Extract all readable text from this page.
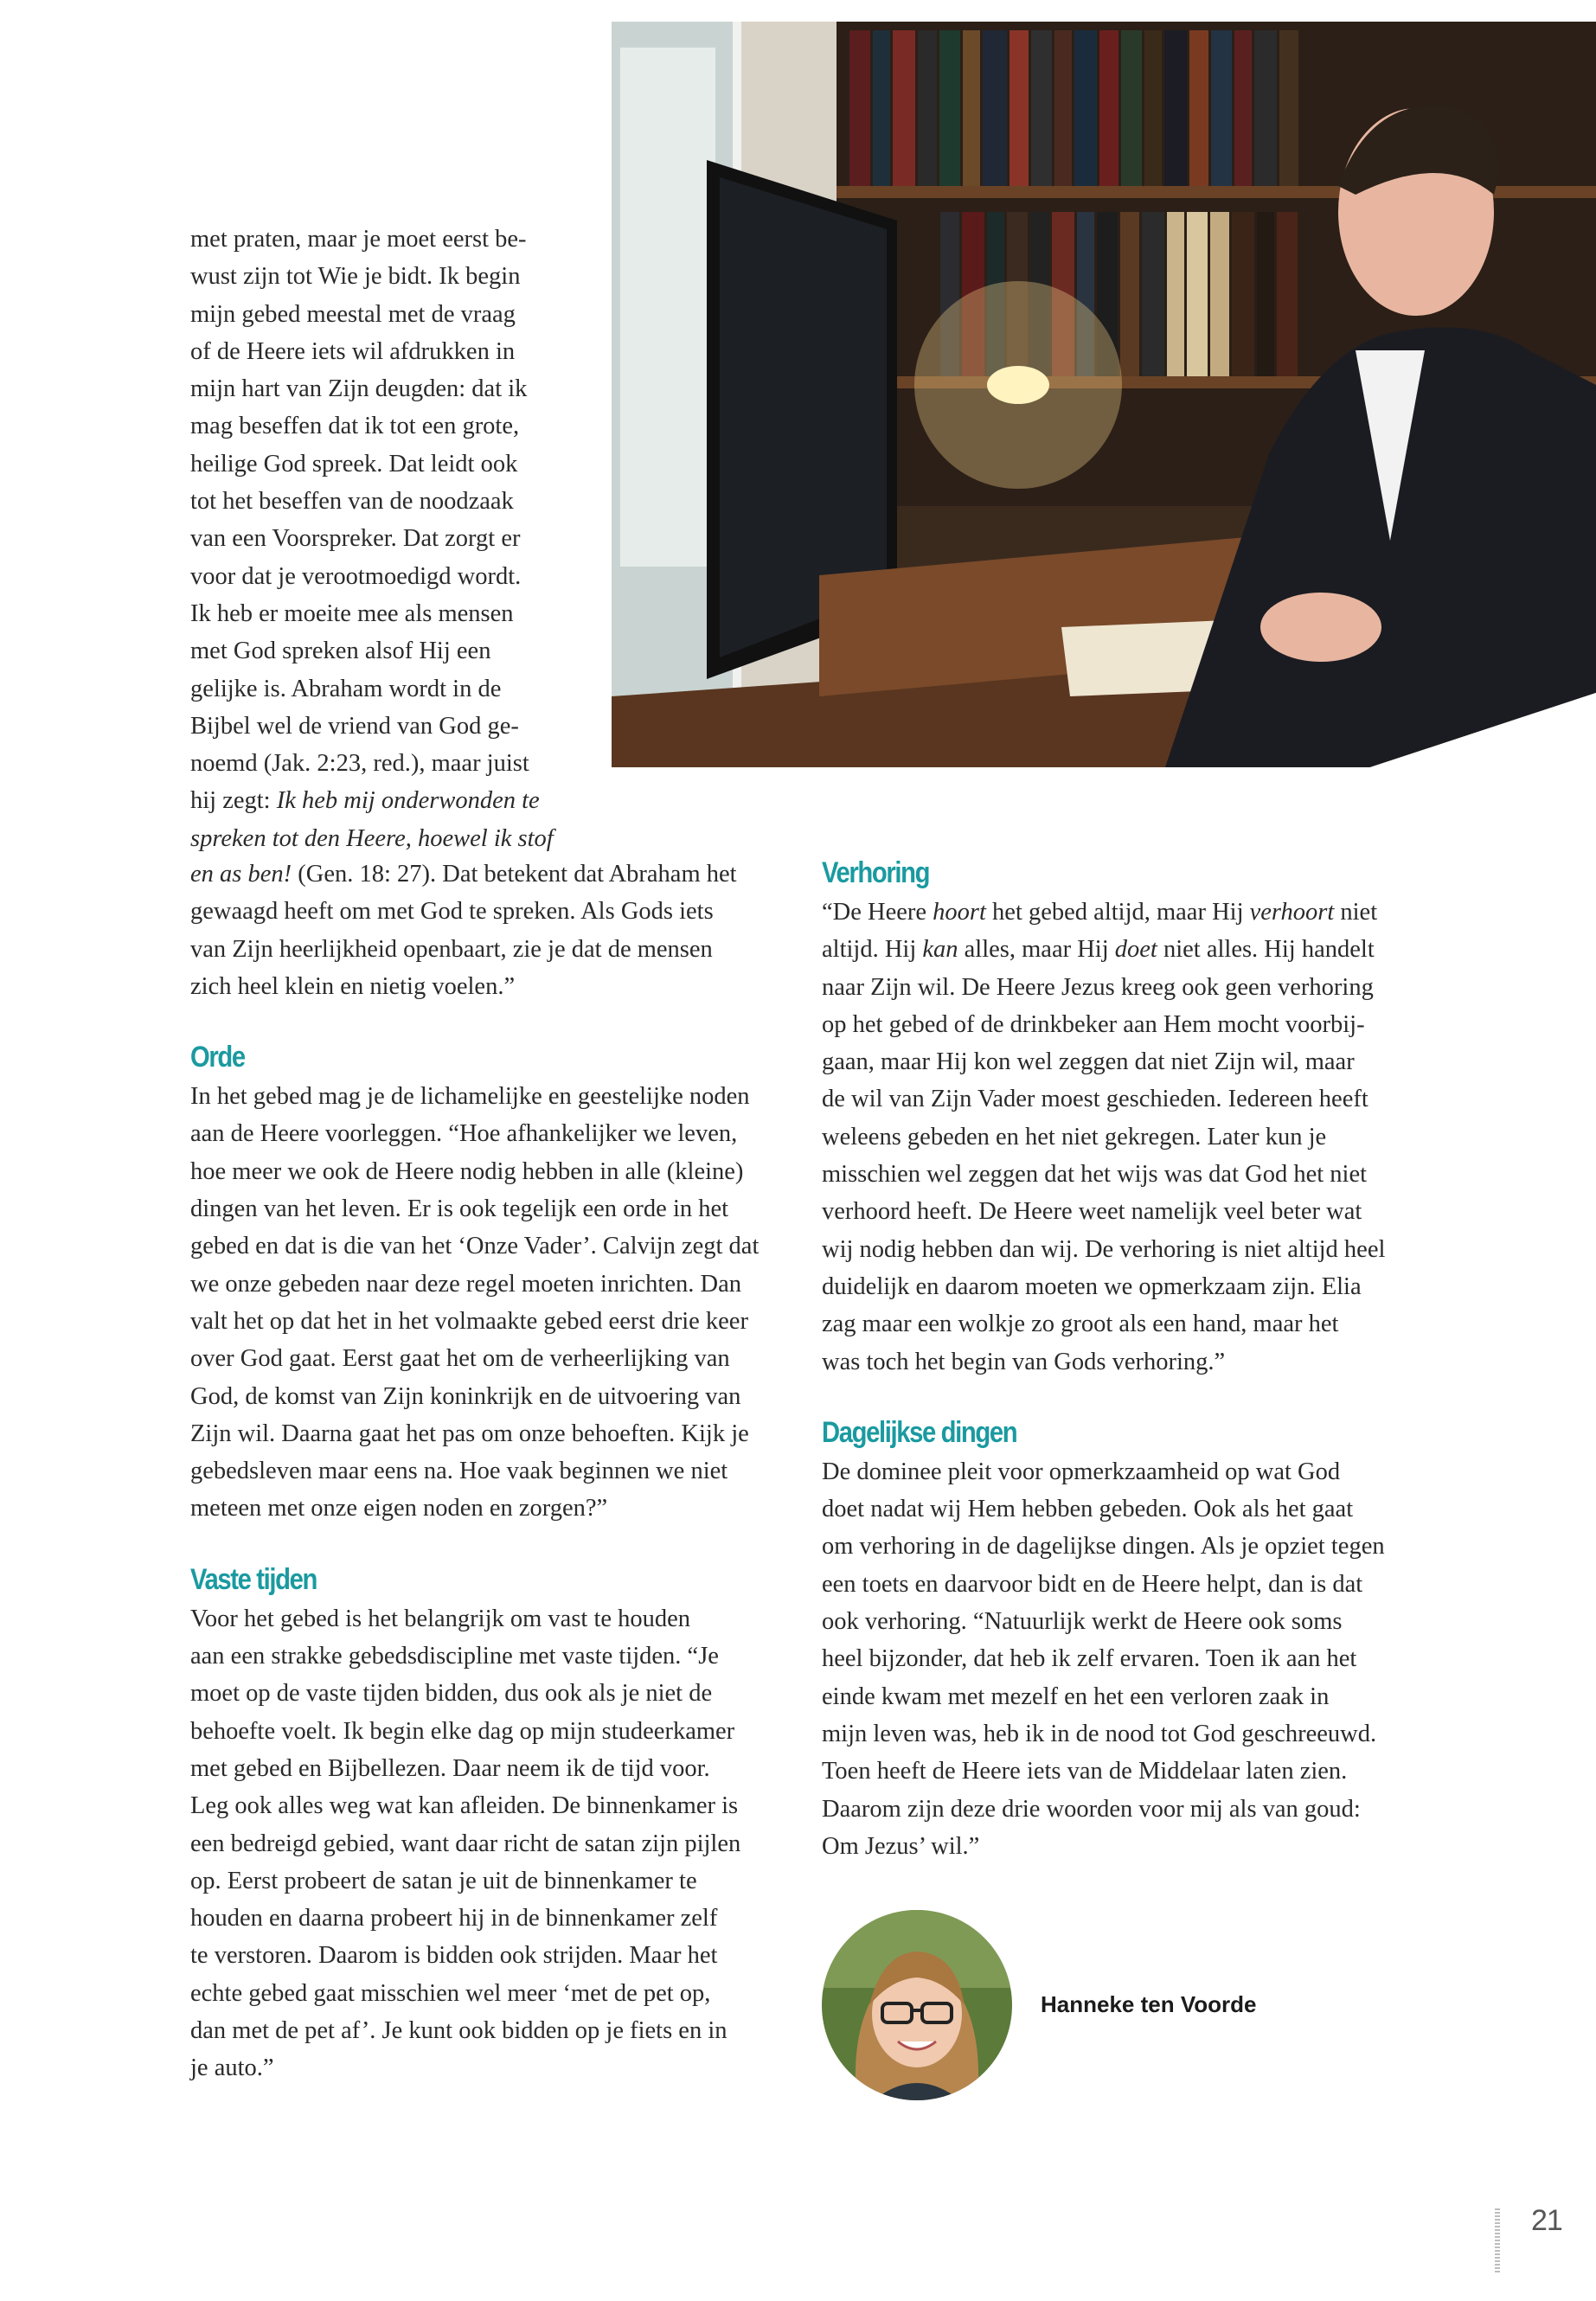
met praten, maar je moet eerst be-

wust zijn tot Wie je bidt. Ik begin

mijn gebed meestal met de vraag

of de Heere iets wil afdrukken in

mijn hart van Zijn deugden: dat ik

mag beseffen dat ik tot een grote,

heilige God spreek. Dat leidt ook

tot het beseffen van de noodzaak

van een Voorspreker. Dat zorgt er

voor dat je verootmoedigd wordt.

Ik heb er moeite mee als mensen

met God spreken alsof Hij een

gelijke is. Abraham wordt in de

Bijbel wel de vriend van God ge-

noemd (Jak. 2:23, red.), maar juist

hij zegt: Ik heb mij onderwonden te

spreken tot den Heere, hoewel ik stof

en as ben! (Gen. 18: 27). Dat betekent dat Abraham het

gewaagd heeft om met God te spreken. Als Gods iets

van Zijn heerlijkheid openbaart, zie je dat de mensen

zich heel klein en nietig voelen.”

Orde

In het gebed mag je de lichamelijke en geestelijke noden

aan de Heere voorleggen. “Hoe afhankelijker we leven,

hoe meer we ook de Heere nodig hebben in alle (kleine)

dingen van het leven. Er is ook tegelijk een orde in het

gebed en dat is die van het ‘Onze Vader’. Calvijn zegt dat

we onze gebeden naar deze regel moeten inrichten. Dan

valt het op dat het in het volmaakte gebed eerst drie keer

over God gaat. Eerst gaat het om de verheerlijking van

God, de komst van Zijn koninkrijk en de uitvoering van

Zijn wil. Daarna gaat het pas om onze behoeften. Kijk je

gebedsleven maar eens na. Hoe vaak beginnen we niet

meteen met onze eigen noden en zorgen?”

Vaste tijden

Voor het gebed is het belangrijk om vast te houden

aan een strakke gebedsdiscipline met vaste tijden. “Je

moet op de vaste tijden bidden, dus ook als je niet de

behoefte voelt. Ik begin elke dag op mijn studeerkamer

met gebed en Bijbellezen. Daar neem ik de tijd voor.

Leg ook alles weg wat kan afleiden. De binnenkamer is

een bedreigd gebied, want daar richt de satan zijn pijlen

op. Eerst probeert de satan je uit de binnenkamer te

houden en daarna probeert hij in de binnenkamer zelf

te verstoren. Daarom is bidden ook strijden. Maar het

echte gebed gaat misschien wel meer ‘met de pet op,

dan met de pet af’. Je kunt ook bidden op je fiets en in

je auto.”

Verhoring

“De Heere hoort het gebed altijd, maar Hij verhoort niet

altijd. Hij kan alles, maar Hij doet niet alles. Hij handelt

naar Zijn wil. De Heere Jezus kreeg ook geen verhoring

op het gebed of de drinkbeker aan Hem mocht voorbij-

gaan, maar Hij kon wel zeggen dat niet Zijn wil, maar

de wil van Zijn Vader moest geschieden. Iedereen heeft

weleens gebeden en het niet gekregen. Later kun je

misschien wel zeggen dat het wijs was dat God het niet

verhoord heeft. De Heere weet namelijk veel beter wat

wij nodig hebben dan wij. De verhoring is niet altijd heel

duidelijk en daarom moeten we opmerkzaam zijn. Elia

zag maar een wolkje zo groot als een hand, maar het

was toch het begin van Gods verhoring.”

Dagelijkse dingen

De dominee pleit voor opmerkzaamheid op wat God

doet nadat wij Hem hebben gebeden. Ook als het gaat

om verhoring in de dagelijkse dingen. Als je opziet tegen

een toets en daarvoor bidt en de Heere helpt, dan is dat

ook verhoring. “Natuurlijk werkt de Heere ook soms

heel bijzonder, dat heb ik zelf ervaren. Toen ik aan het

einde kwam met mezelf en het een verloren zaak in

mijn leven was, heb ik in de nood tot God geschreeuwd.

Toen heeft de Heere iets van de Middelaar laten zien.

Daarom zijn deze drie woorden voor mij als van goud:

Om Jezus’ wil.”

Hanneke ten Voorde
21
